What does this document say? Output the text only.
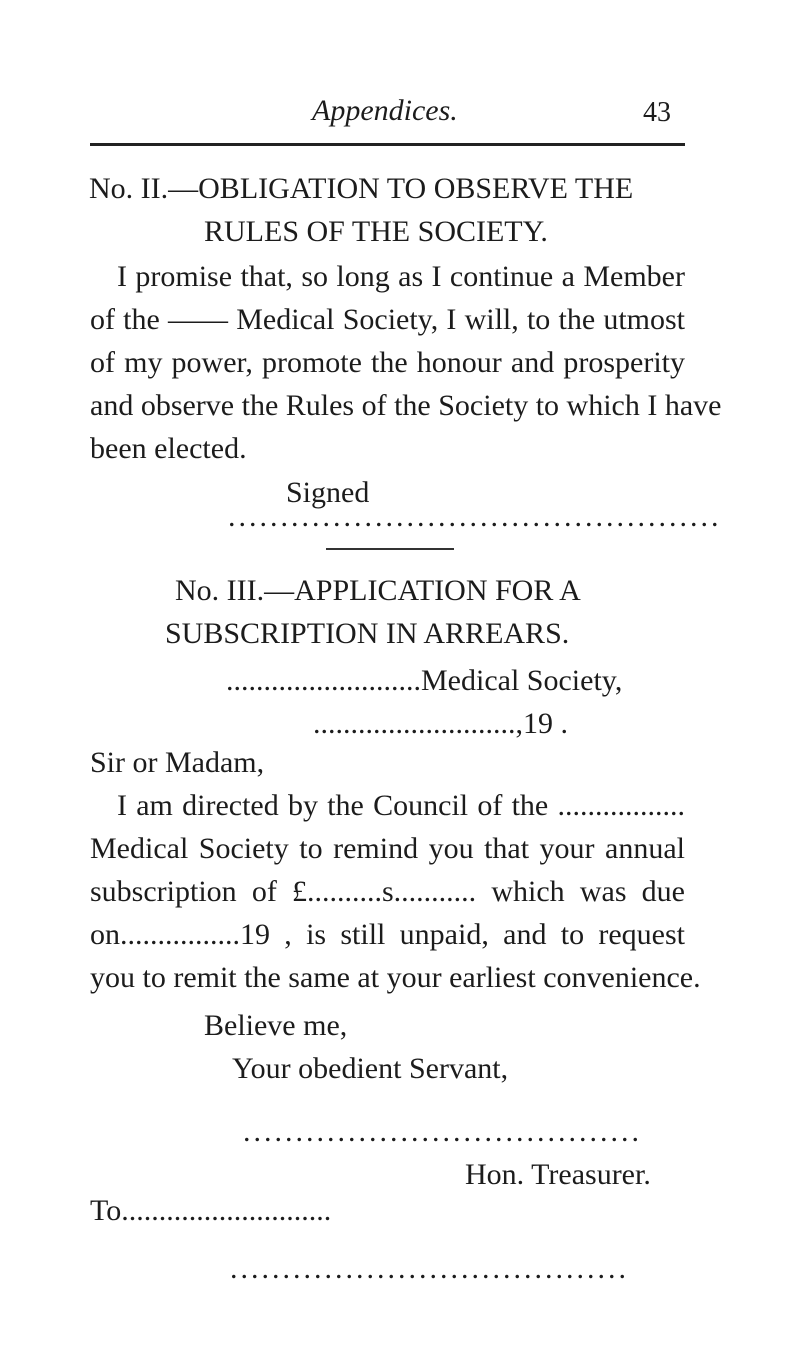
Appendices.	43
No. II.—OBLIGATION TO OBSERVE THE
RULES OF THE SOCIETY.
I promise that, so long as I continue a Member
of the —— Medical Society, I will, to the utmost
of my power, promote the honour and prosperity
and observe the Rules of the Society to which I have
been elected.
Signed
...............................................
No. III.—APPLICATION FOR A
SUBSCRIPTION IN ARREARS.
..........................Medical Society,
...........................,19 .
Sir or Madam,
I am directed by the Council of the .................
Medical Society to remind you that your annual
subscription of £..........s........... which was due
on................19 , is still unpaid, and to request
you to remit the same at your earliest convenience.
Believe me,
Your obedient Servant,
......................................
Hon. Treasurer.
To............................
......................................
